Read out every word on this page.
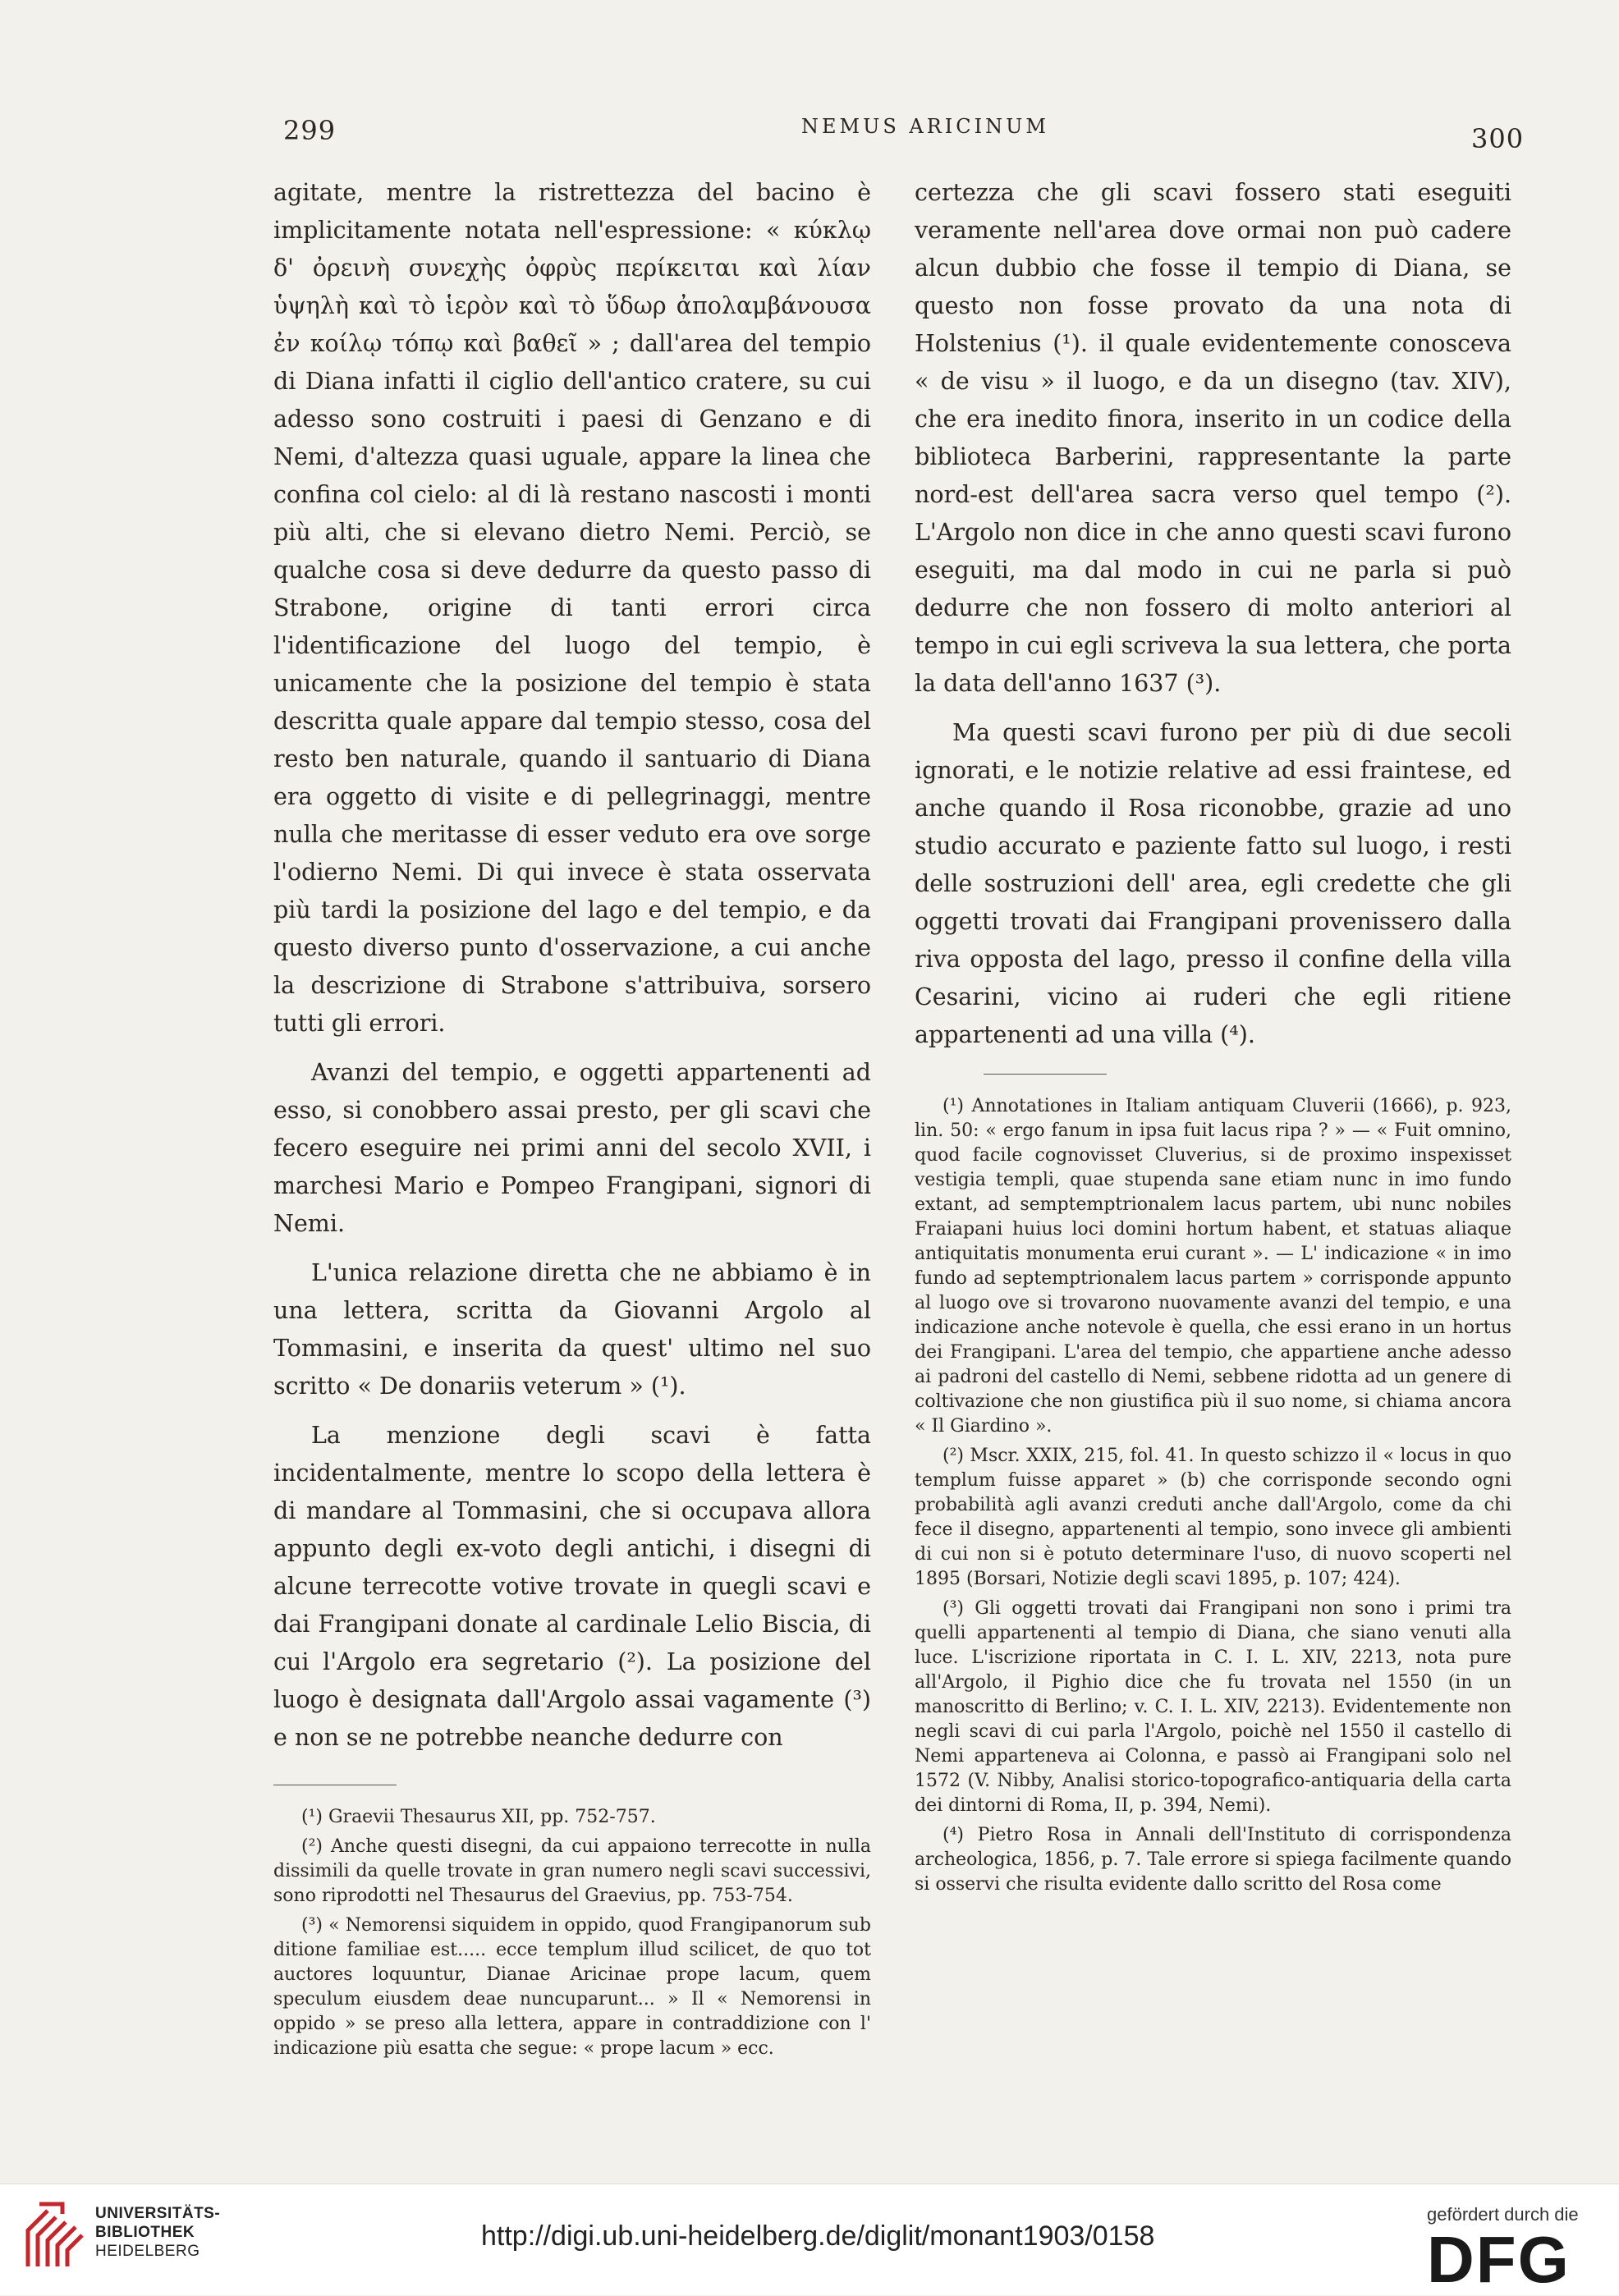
299	NEMUS ARICINUM	300

agitate, mentre la ristrettezza del bacino è implicitamente notata nell'espressione: « κύκλῳ δ' ὀρεινὴ συνεχὴς ὀφρὺς περίκειται καὶ λίαν ὑψηλὴ καὶ τὸ ἱερὸν καὶ τὸ ὕδωρ ἀπολαμβάνουσα ἐν κοίλῳ τόπῳ καὶ βαθεῖ » ; dall'area del tempio di Diana infatti il ciglio dell'antico cratere, su cui adesso sono costruiti i paesi di Genzano e di Nemi, d'altezza quasi uguale, appare la linea che confina col cielo: al di là restano nascosti i monti più alti, che si elevano dietro Nemi. Perciò, se qualche cosa si deve dedurre da questo passo di Strabone, origine di tanti errori circa l'identificazione del luogo del tempio, è unicamente che la posizione del tempio è stata descritta quale appare dal tempio stesso, cosa del resto ben naturale, quando il santuario di Diana era oggetto di visite e di pellegrinaggi, mentre nulla che meritasse di esser veduto era ove sorge l'odierno Nemi. Di qui invece è stata osservata più tardi la posizione del lago e del tempio, e da questo diverso punto d'osservazione, a cui anche la descrizione di Strabone s'attribuiva, sorsero tutti gli errori.

Avanzi del tempio, e oggetti appartenenti ad esso, si conobbero assai presto, per gli scavi che fecero eseguire nei primi anni del secolo XVII, i marchesi Mario e Pompeo Frangipani, signori di Nemi.

L'unica relazione diretta che ne abbiamo è in una lettera, scritta da Giovanni Argolo al Tommasini, e inserita da quest' ultimo nel suo scritto « De donariis veterum » (¹).

La menzione degli scavi è fatta incidentalmente, mentre lo scopo della lettera è di mandare al Tommasini, che si occupava allora appunto degli ex-voto degli antichi, i disegni di alcune terrecotte votive trovate in quegli scavi e dai Frangipani donate al cardinale Lelio Biscia, di cui l'Argolo era segretario (²). La posizione del luogo è designata dall'Argolo assai vagamente (³) e non se ne potrebbe neanche dedurre con

(¹) Graevii Thesaurus XII, pp. 752-757.

(²) Anche questi disegni, da cui appaiono terrecotte in nulla dissimili da quelle trovate in gran numero negli scavi successivi, sono riprodotti nel Thesaurus del Graevius, pp. 753-754.

(³) « Nemorensi siquidem in oppido, quod Frangipanorum sub ditione familiae est..... ecce templum illud scilicet, de quo tot auctores loquuntur, Dianae Aricinae prope lacum, quem speculum eiusdem deae nuncuparunt... » Il « Nemorensi in oppido » se preso alla lettera, appare in contraddizione con l' indicazione più esatta che segue: « prope lacum » ecc.

certezza che gli scavi fossero stati eseguiti veramente nell'area dove ormai non può cadere alcun dubbio che fosse il tempio di Diana, se questo non fosse provato da una nota di Holstenius (¹). il quale evidentemente conosceva « de visu » il luogo, e da un disegno (tav. XIV), che era inedito finora, inserito in un codice della biblioteca Barberini, rappresentante la parte nord-est dell'area sacra verso quel tempo (²). L'Argolo non dice in che anno questi scavi furono eseguiti, ma dal modo in cui ne parla si può dedurre che non fossero di molto anteriori al tempo in cui egli scriveva la sua lettera, che porta la data dell'anno 1637 (³).

Ma questi scavi furono per più di due secoli ignorati, e le notizie relative ad essi fraintese, ed anche quando il Rosa riconobbe, grazie ad uno studio accurato e paziente fatto sul luogo, i resti delle sostruzioni dell' area, egli credette che gli oggetti trovati dai Frangipani provenissero dalla riva opposta del lago, presso il confine della villa Cesarini, vicino ai ruderi che egli ritiene appartenenti ad una villa (⁴).

(¹) Annotationes in Italiam antiquam Cluverii (1666), p. 923, lin. 50: « ergo fanum in ipsa fuit lacus ripa ? » — « Fuit omnino, quod facile cognovisset Cluverius, si de proximo inspexisset vestigia templi, quae stupenda sane etiam nunc in imo fundo extant, ad semptemptrionalem lacus partem, ubi nunc nobiles Fraiapani huius loci domini hortum habent, et statuas aliaque antiquitatis monumenta erui curant ». — L' indicazione « in imo fundo ad septemptrionalem lacus partem » corrisponde appunto al luogo ove si trovarono nuovamente avanzi del tempio, e una indicazione anche notevole è quella, che essi erano in un hortus dei Frangipani. L'area del tempio, che appartiene anche adesso ai padroni del castello di Nemi, sebbene ridotta ad un genere di coltivazione che non giustifica più il suo nome, si chiama ancora « Il Giardino ».

(²) Mscr. XXIX, 215, fol. 41. In questo schizzo il « locus in quo templum fuisse apparet » (b) che corrisponde secondo ogni probabilità agli avanzi creduti anche dall'Argolo, come da chi fece il disegno, appartenenti al tempio, sono invece gli ambienti di cui non si è potuto determinare l'uso, di nuovo scoperti nel 1895 (Borsari, Notizie degli scavi 1895, p. 107; 424).

(³) Gli oggetti trovati dai Frangipani non sono i primi tra quelli appartenenti al tempio di Diana, che siano venuti alla luce. L'iscrizione riportata in C. I. L. XIV, 2213, nota pure all'Argolo, il Pighio dice che fu trovata nel 1550 (in un manoscritto di Berlino; v. C. I. L. XIV, 2213). Evidentemente non negli scavi di cui parla l'Argolo, poichè nel 1550 il castello di Nemi apparteneva ai Colonna, e passò ai Frangipani solo nel 1572 (V. Nibby, Analisi storico-topografico-antiquaria della carta dei dintorni di Roma, II, p. 394, Nemi).

(⁴) Pietro Rosa in Annali dell'Instituto di corrispondenza archeologica, 1856, p. 7. Tale errore si spiega facilmente quando si osservi che risulta evidente dallo scritto del Rosa come

UNIVERSITÄTS-
BIBLIOTHEK
HEIDELBERG	http://digi.ub.uni-heidelberg.de/diglit/monant1903/0158
gefördert durch die
DFG
